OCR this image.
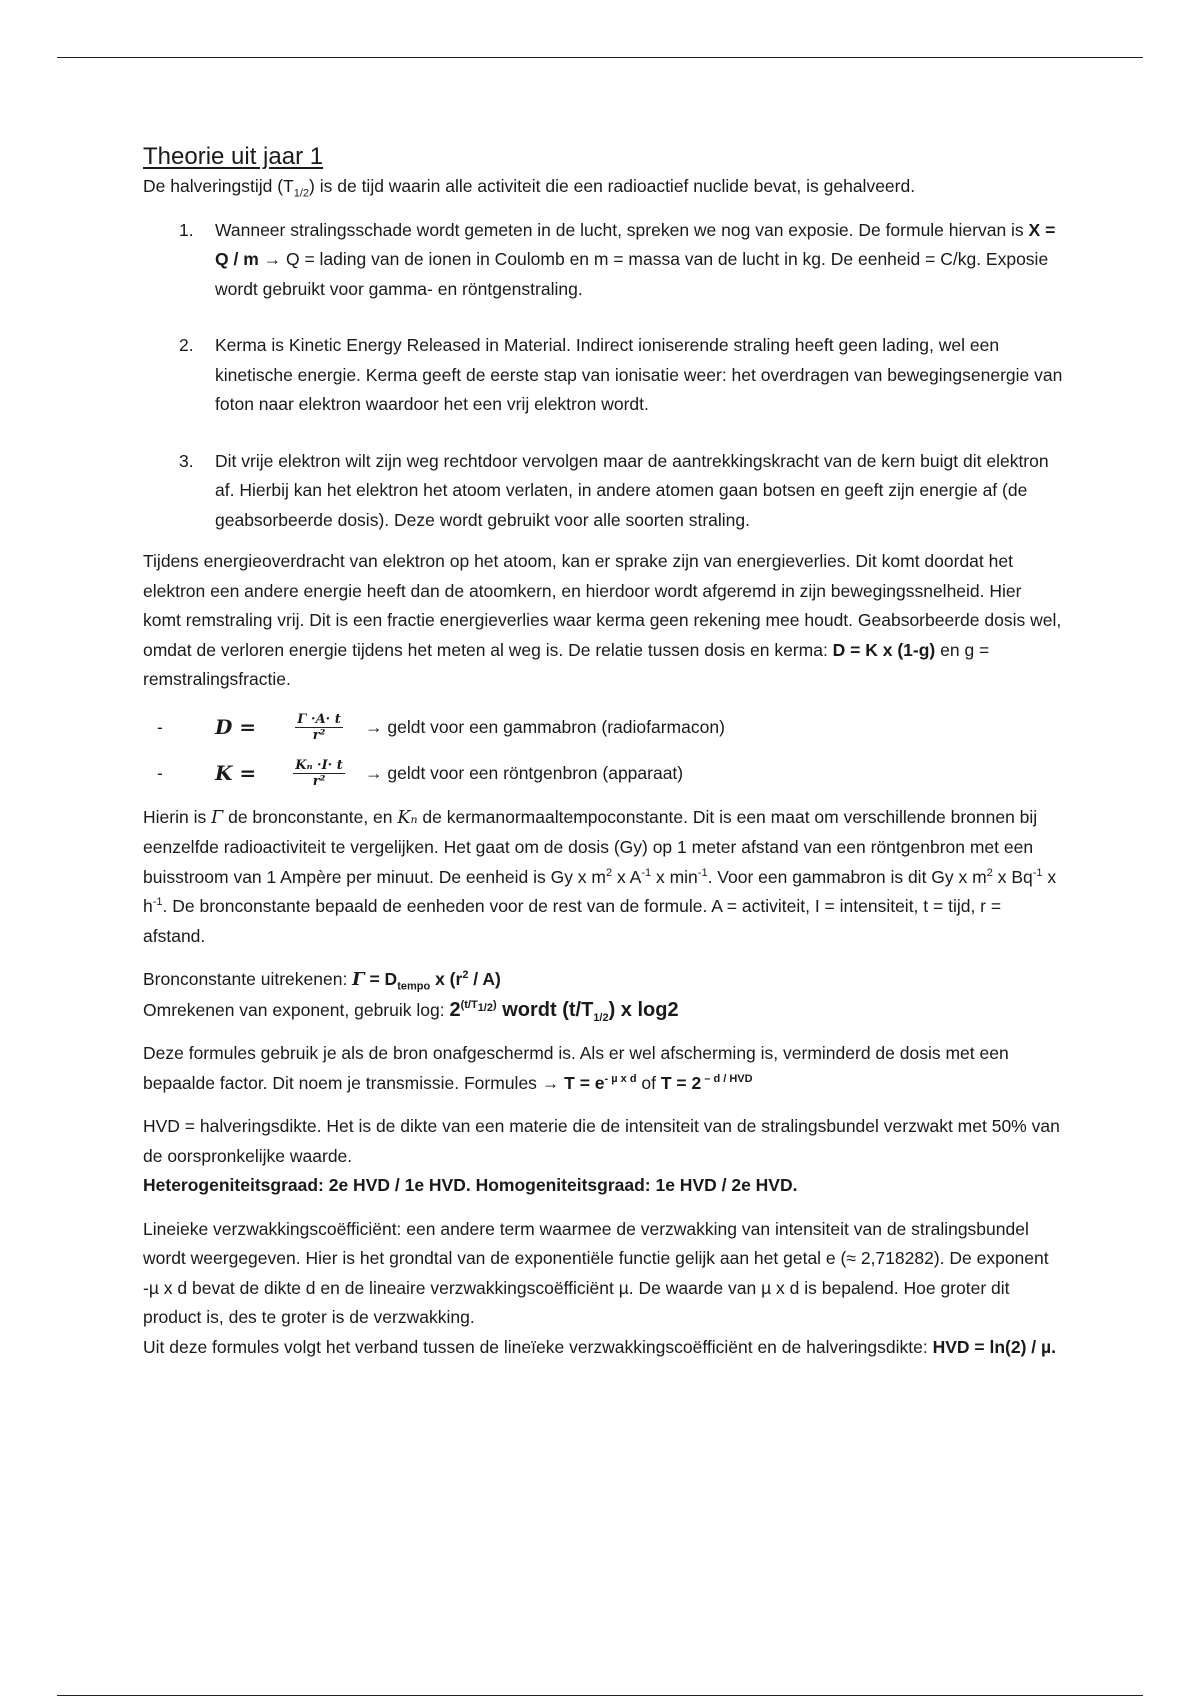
Theorie uit jaar 1

De halveringstijd $(T_{1/2})$ is de tijd waarin alle activiteit die een radioactief nuclide bevat, is gehalveerd.

1. Wanneer stralingsschade wordt gemeten in de lucht, spreken we nog van exposie. De formule hiervan is X = Q / m → Q = lading van de ionen in Coulomb en m = massa van de lucht in kg. De eenheid = C/kg. Exposie wordt gebruikt voor gamma- en röntgenstraling.
2. Kerma is Kinetic Energy Released in Material. Indirect ioniserende straling heeft geen lading, wel een kinetische energie. Kerma geeft de eerste stap van ionisatie weer: het overdragen van bewegingsenergie van foton naar elektron waardoor het een vrij elektron wordt.
3. Dit vrije elektron wilt zijn weg rechtdoor vervolgen maar de aantrekkingskracht van de kern buigt dit elektron af. Hierbij kan het elektron het atoom verlaten, in andere atomen gaan botsen en geeft zijn energie af (de geabsorbeerde dosis). Deze wordt gebruikt voor alle soorten straling.

Tijdens energieoverdracht van elektron op het atoom, kan er sprake zijn van energieverlies. Dit komt doordat het elektron een andere energie heeft dan de atoomkern, en hierdoor wordt afgeremd in zijn bewegingssnelheid. Hier komt remstraling vrij. Dit is een fractie energieverlies waar kerma geen rekening mee houdt. Geabsorbeerde dosis wel, omdat de verloren energie tijdens het meten al weg is. De relatie tussen dosis en kerma: D = K x (1-g) en g = remstralingsfractie.

-	D =	$\frac{\Gamma \cdot A\cdot t}{\text{r²}}$ → geldt voor een gammabron (radiofarmacon)
-	K =	$\frac{\text{Kₙ ·I· t}}{\text{r²}}$ → geldt voor een röntgenbron (apparaat)

Hierin is Γ de bronconstante, en Kₙ de kermanormaaltempoconstante. Dit is een maat om verschillende bronnen bij eenzelfde radioactiviteit te vergelijken. Het gaat om de dosis (Gy) op 1 meter afstand van een röntgenbron met een buisstroom van 1 Ampère per minuut. De eenheid is Gy x $m^2$ x $A^{-1}$ x $\min^{-1}$. Voor een gammabron is dit Gy x $m^2$ x $Bq^{-1}$ x $h^{-1}$. De bronconstante bepaald de eenheden voor de rest van de formule. A = activiteit, I = intensiteit, t = tijd, r = afstand.

Bronconstante uitrekenen: $\Gamma = D_{tempo}$ x $(r^2 / A)$

Omrekenen van exponent, gebruik log: $2^{(t/T_{1/2})}$ wordt $(t/T_{1/2})$ x log2

Deze formules gebruik je als de bron onafgeschermd is. Als er wel afscherming is, verminderd de dosis met een bepaalde factor. Dit noem je transmissie. Formules → $T = e^{- \mu x d}$ of T = 2 $^{- d / HVD}$

HVD = halveringsdikte. Het is de dikte van een materie die de intensiteit van de stralingsbundel verzwakt met 50% van de oorspronkelijke waarde.

Heterogeniteitsgraad: 2e HVD / 1e HVD. Homogeniteitsgraad: 1e HVD / 2e HVD.

Lineieke verzwakkingscoëfficiënt: een andere term waarmee de verzwakking van intensiteit van de stralingsbundel wordt weergegeven. Hier is het grondtal van de exponentiële functie gelijk aan het getal e (≈ 2,718282). De exponent -µ x d bevat de dikte d en de lineaire verzwakkingscoëfficiënt µ. De waarde van µ x d is bepalend. Hoe groter dit product is, des te groter is de verzwakking.

Uit deze formules volgt het verband tussen de lineïeke verzwakkingscoëfficiënt en de halveringsdikte: HVD = ln(2) / µ.
